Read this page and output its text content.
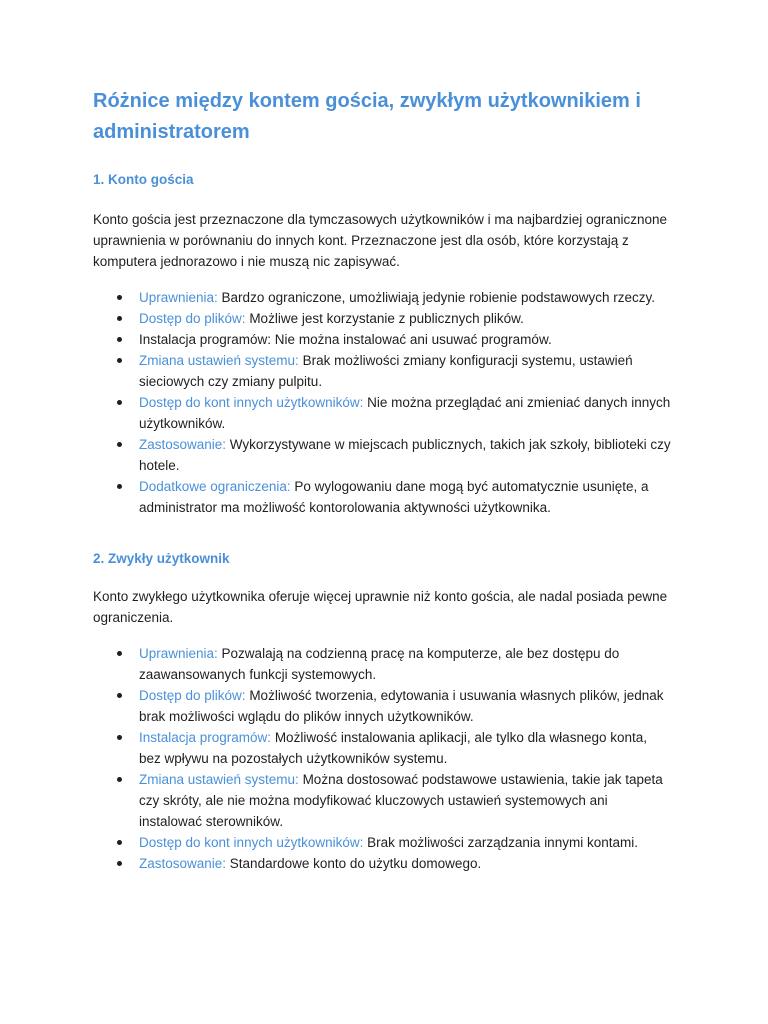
Różnice między kontem gościa, zwykłym użytkownikiem i administratorem
1. Konto gościa

Konto gościa jest przeznaczone dla tymczasowych użytkowników i ma najbardziej ogranicznone uprawnienia w porównaniu do innych kont. Przeznaczone jest dla osób, które korzystają z komputera jednorazowo i nie muszą nic zapisywać.

Uprawnienia: Bardzo ograniczone, umożliwiają jedynie robienie podstawowych rzeczy.
Dostęp do plików: Możliwe jest korzystanie z publicznych plików.
Instalacja programów: Nie można instalować ani usuwać programów.
Zmiana ustawień systemu: Brak możliwości zmiany konfiguracji systemu, ustawień sieciowych czy zmiany pulpitu.
Dostęp do kont innych użytkowników: Nie można przeglądać ani zmieniać danych innych użytkowników.
Zastosowanie: Wykorzystywane w miejscach publicznych, takich jak szkoły, biblioteki czy hotele.
Dodatkowe ograniczenia: Po wylogowaniu dane mogą być automatycznie usunięte, a administrator ma możliwość kontorolowania aktywności użytkownika.
2. Zwykły użytkownik

Konto zwykłego użytkownika oferuje więcej uprawnie niż konto gościa, ale nadal posiada pewne ograniczenia.

Uprawnienia: Pozwalają na codzienną pracę na komputerze, ale bez dostępu do zaawansowanych funkcji systemowych.
Dostęp do plików: Możliwość tworzenia, edytowania i usuwania własnych plików, jednak brak możliwości wglądu do plików innych użytkowników.
Instalacja programów: Możliwość instalowania aplikacji, ale tylko dla własnego konta, bez wpływu na pozostałych użytkowników systemu.
Zmiana ustawień systemu: Można dostosować podstawowe ustawienia, takie jak tapeta czy skróty, ale nie można modyfikować kluczowych ustawień systemowych ani instalować sterowników.
Dostęp do kont innych użytkowników: Brak możliwości zarządzania innymi kontami.
Zastosowanie: Standardowe konto do użytku domowego.
